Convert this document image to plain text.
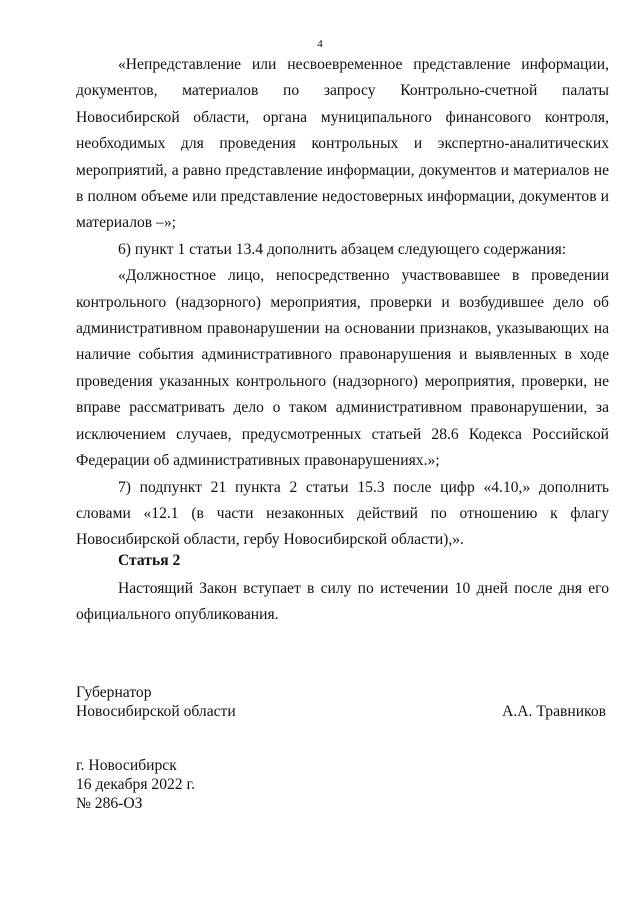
4

«Непредставление или несвоевременное представление информации, документов, материалов по запросу Контрольно-счетной палаты Новосибирской области, органа муниципального финансового контроля, необходимых для проведения контрольных и экспертно-аналитических мероприятий, а равно представление информации, документов и материалов не в полном объеме или представление недостоверных информации, документов и материалов –»;

6) пункт 1 статьи 13.4 дополнить абзацем следующего содержания:

«Должностное лицо, непосредственно участвовавшее в проведении контрольного (надзорного) мероприятия, проверки и возбудившее дело об административном правонарушении на основании признаков, указывающих на наличие события административного правонарушения и выявленных в ходе проведения указанных контрольного (надзорного) мероприятия, проверки, не вправе рассматривать дело о таком административном правонарушении, за исключением случаев, предусмотренных статьей 28.6 Кодекса Российской Федерации об административных правонарушениях.»;

7) подпункт 21 пункта 2 статьи 15.3 после цифр «4.10,» дополнить словами «12.1 (в части незаконных действий по отношению к флагу Новосибирской области, гербу Новосибирской области),».

Статья 2

Настоящий Закон вступает в силу по истечении 10 дней после дня его официального опубликования.

Губернатор
Новосибирской области	А.А. Травников
г. Новосибирск
16 декабря 2022 г.
№ 286-ОЗ
